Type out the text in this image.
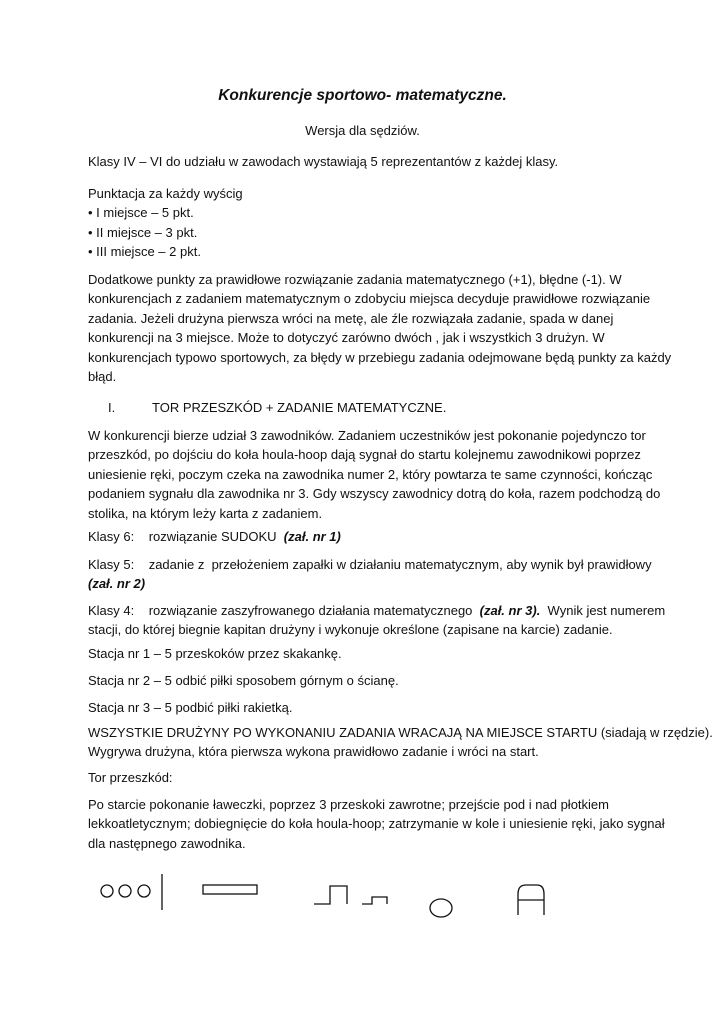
Konkurencje sportowo- matematyczne.
Wersja dla sędziów.
Klasy IV – VI do udziału w zawodach wystawiają 5 reprezentantów z każdej klasy.
Punktacja za każdy wyścig
• I miejsce – 5 pkt.
• II miejsce – 3 pkt.
• III miejsce – 2 pkt.
Dodatkowe punkty za prawidłowe rozwiązanie zadania matematycznego (+1), błędne (-1). W
konkurencjach z zadaniem matematycznym o zdobyciu miejsca decyduje prawidłowe rozwiązanie
zadania. Jeżeli drużyna pierwsza wróci na metę, ale źle rozwiązała zadanie, spada w danej
konkurencji na 3 miejsce. Może to dotyczyć zarówno dwóch , jak i wszystkich 3 drużyn. W
konkurencjach typowo sportowych, za błędy w przebiegu zadania odejmowane będą punkty za każdy
błąd.
I.	TOR PRZESZKÓD + ZADANIE MATEMATYCZNE.
W konkurencji bierze udział 3 zawodników. Zadaniem uczestników jest pokonanie pojedynczo tor
przeszkód, po dojściu do koła houla-hoop dają sygnał do startu kolejnemu zawodnikowi poprzez
uniesienie ręki, poczym czeka na zawodnika numer 2, który powtarza te same czynności, kończąc
podaniem sygnału dla zawodnika nr 3. Gdy wszyscy zawodnicy dotrą do koła, razem podchodzą do
stolika, na którym leży karta z zadaniem.
Klasy 6:    rozwiązanie SUDOKU  (zał. nr 1)
Klasy 5:    zadanie z  przełożeniem zapałki w działaniu matematycznym, aby wynik był prawidłowy
(zał. nr 2)
Klasy 4:    rozwiązanie zaszyfrowanego działania matematycznego  (zał. nr 3).  Wynik jest numerem
stacji, do której biegnie kapitan drużyny i wykonuje określone (zapisane na karcie) zadanie.
Stacja nr 1 – 5 przeskoków przez skakankę.
Stacja nr 2 – 5 odbić piłki sposobem górnym o ścianę.
Stacja nr 3 – 5 podbić piłki rakietką.
WSZYSTKIE DRUŻYNY PO WYKONANIU ZADANIA WRACAJĄ NA MIEJSCE STARTU (siadają w rzędzie).
Wygrywa drużyna, która pierwsza wykona prawidłowo zadanie i wróci na start.
Tor przeszkód:
Po starcie pokonanie ławeczki, poprzez 3 przeskoki zawrotne; przejście pod i nad płotkiem
lekkoatletycznym; dobiegnięcie do koła houla-hoop; zatrzymanie w kole i uniesienie ręki, jako sygnał
dla następnego zawodnika.
